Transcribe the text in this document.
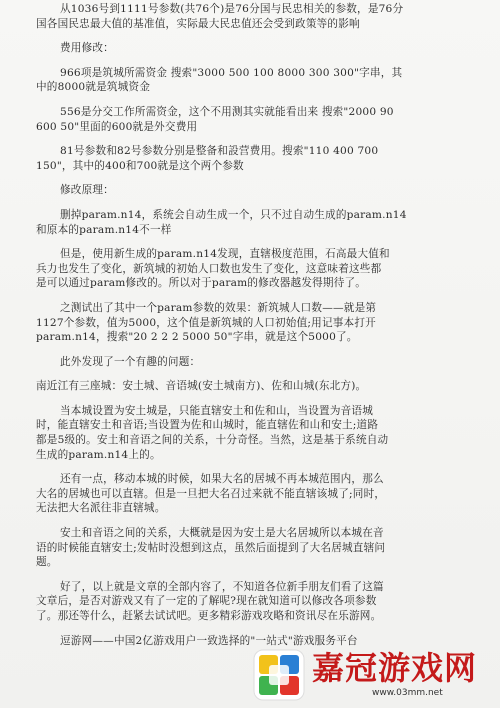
从1036号到1111号参数(共76个)是76分国与民忠相关的参数，是76分
国各国民忠最大值的基准值，实际最大民忠值还会受到政策等的影响

费用修改：

966项是筑城所需资金 搜索"3000 500 100 8000 300 300"字串，其
中的8000就是筑城资金

556是分交工作所需资金，这个不用测其实就能看出来 搜索"2000 90
600 50"里面的600就是外交费用

81号参数和82号参数分别是整备和設营费用。搜索"110 400 700
150"，其中的400和700就是这个两个参数

修改原理：

删掉param.n14，系统会自动生成一个，只不过自动生成的param.n14
和原本的param.n14不一样

但是，使用新生成的param.n14发现，直辖极度范围，石高最大值和
兵力也发生了变化，新筑城的初始人口数也发生了变化，这意味着这些都
是可以通过param修改的。所以对于param的修改器越发得期待了。

之测试出了其中一个param参数的效果：新筑城人口数——就是第
1127个参数，值为5000，这个值是新筑城的人口初始值;用记事本打开
param.n14，搜索"20 2 2 2 5000 50"字串，就是这个5000了。

此外发现了一个有趣的问题：

南近江有三座城：安土城、音语城(安土城南方)、佐和山城(东北方)。

当本城设置为安土城是，只能直辖安土和佐和山，当设置为音语城
时，能直辖安土和音语;当设置为佐和山城时，能直辖佐和山和安土;道路
都是5级的。安土和音语之间的关系，十分奇怪。当然，这是基于系统自动
生成的param.n14上的。

还有一点，移动本城的时候，如果大名的居城不再本城范围内，那么
大名的居城也可以直辖。但是一旦把大名召过来就不能直辖该城了;同时，
无法把大名派往非直辖城。

安土和音语之间的关系，大概就是因为安土是大名居城所以本城在音
语的时候能直辖安土;发帖时没想到这点，虽然后面提到了大名居城直辖问
题。

好了，以上就是文章的全部内容了，不知道各位新手朋友们看了这篇
文章后，是否对游戏又有了一定的了解呢?现在就知道可以修改各项参数
了。那还等什么，赶紧去试试吧。更多精彩游戏攻略和资讯尽在乐游网。

逗游网——中国2亿游戏用户一致选择的"一站式"游戏服务平台

嘉冠游戏网
www.03mm.net
